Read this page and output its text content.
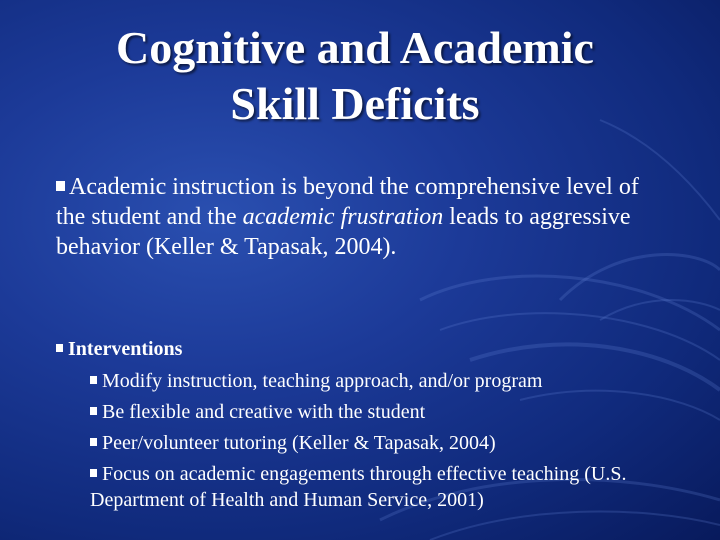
Cognitive and Academic
Skill Deficits
Academic instruction is beyond the comprehensive level of the student and the academic frustration leads to aggressive behavior (Keller & Tapasak, 2004).
Interventions
Modify instruction, teaching approach, and/or program
Be flexible and creative with the student
Peer/volunteer tutoring (Keller & Tapasak, 2004)
Focus on academic engagements through effective teaching (U.S. Department of Health and Human Service, 2001)
